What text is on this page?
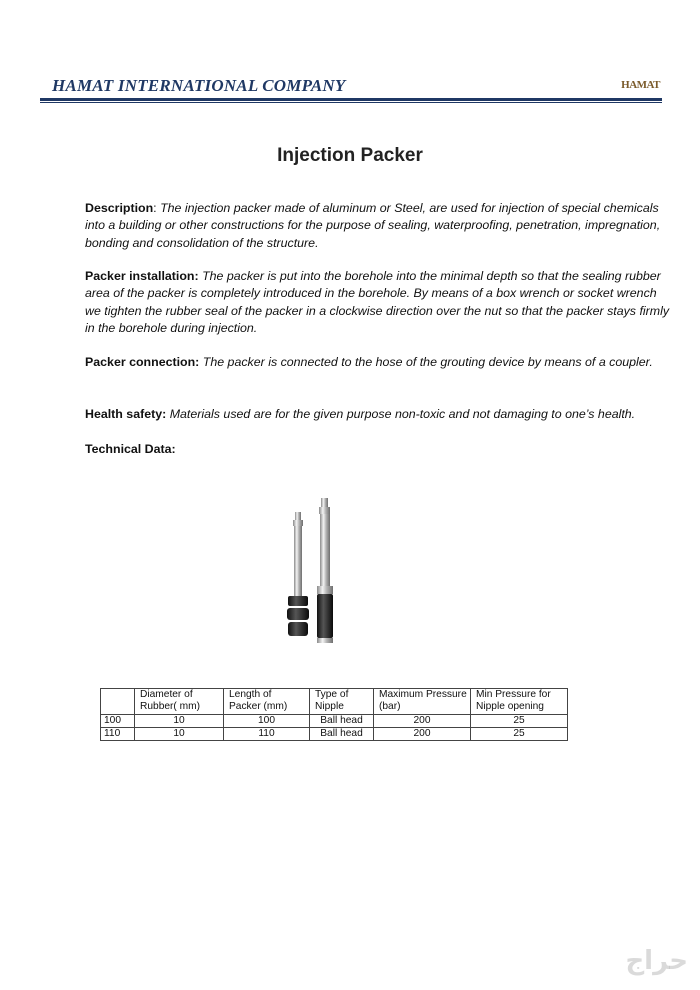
HAMAT INTERNATIONAL COMPANY	HAMAT
Injection Packer
Description: The injection packer made of aluminum or Steel, are used for injection of special chemicals into a building or other constructions for the purpose of sealing, waterproofing, penetration, impregnation, bonding and consolidation of the structure.
Packer installation: The packer is put into the borehole into the minimal depth so that the sealing rubber area of the packer is completely introduced in the borehole. By means of a box wrench or socket wrench we tighten the rubber seal of the packer in a clockwise direction over the nut so that the packer stays firmly in the borehole during injection.
Packer connection: The packer is connected to the hose of the grouting device by means of a coupler.
Health safety: Materials used are for the given purpose non-toxic and not damaging to one’s health.
Technical Data:
	Diameter of Rubber( mm)	Length of Packer (mm)	Type of Nipple	Maximum Pressure (bar)	Min Pressure for Nipple opening
100	10	100	Ball head	200	25
110	10	110	Ball head	200	25
حراج
